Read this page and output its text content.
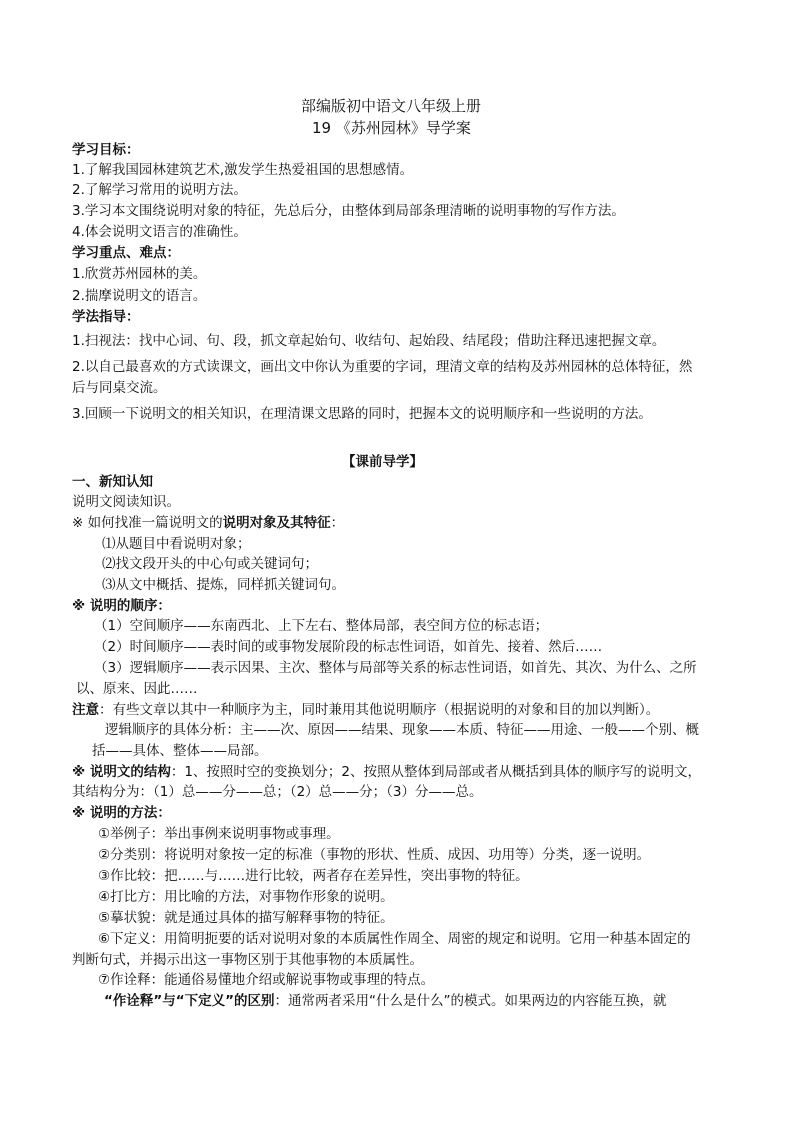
部编版初中语文八年级上册
19 《苏州园林》导学案
学习目标：
1.了解我国园林建筑艺术,激发学生热爱祖国的思想感情。
2.了解学习常用的说明方法。
3.学习本文围绕说明对象的特征，先总后分，由整体到局部条理清晰的说明事物的写作方法。
4.体会说明文语言的准确性。
学习重点、难点：
1.欣赏苏州园林的美。
2.揣摩说明文的语言。
学法指导：
1.扫视法：找中心词、句、段，抓文章起始句、收结句、起始段、结尾段；借助注释迅速把握文章。
2.以自己最喜欢的方式读课文，画出文中你认为重要的字词，理清文章的结构及苏州园林的总体特征，然
后与同桌交流。
3.回顾一下说明文的相关知识，在理清课文思路的同时，把握本文的说明顺序和一些说明的方法。
【课前导学】
一、新知认知
说明文阅读知识。
※ 如何找准一篇说明文的说明对象及其特征：
⑴从题目中看说明对象；
⑵找文段开头的中心句或关键词句；
⑶从文中概括、提炼，同样抓关键词句。
※ 说明的顺序：
（1）空间顺序——东南西北、上下左右、整体局部，表空间方位的标志语；
（2）时间顺序——表时间的或事物发展阶段的标志性词语，如首先、接着、然后……
（3）逻辑顺序——表示因果、主次、整体与局部等关系的标志性词语，如首先、其次、为什么、之所
以、原来、因此……
注意：有些文章以其中一种顺序为主，同时兼用其他说明顺序（根据说明的对象和目的加以判断）。
逻辑顺序的具体分析：主——次、原因——结果、现象——本质、特征——用途、一般——个别、概
括——具体、整体——局部。
※ 说明文的结构：1、按照时空的变换划分；2、按照从整体到局部或者从概括到具体的顺序写的说明文，
其结构分为：（1）总——分——总；（2）总——分；（3）分——总。
※ 说明的方法：
①举例子：举出事例来说明事物或事理。
②分类别：将说明对象按一定的标准（事物的形状、性质、成因、功用等）分类，逐一说明。
③作比较：把……与……进行比较，两者存在差异性，突出事物的特征。
④打比方：用比喻的方法，对事物作形象的说明。
⑤摹状貌：就是通过具体的描写解释事物的特征。
⑥下定义：用简明扼要的话对说明对象的本质属性作周全、周密的规定和说明。它用一种基本固定的
判断句式，并揭示出这一事物区别于其他事物的本质属性。
⑦作诠释：能通俗易懂地介绍或解说事物或事理的特点。
“作诠释”与“下定义”的区别：通常两者采用“什么是什么”的模式。如果两边的内容能互换，就
